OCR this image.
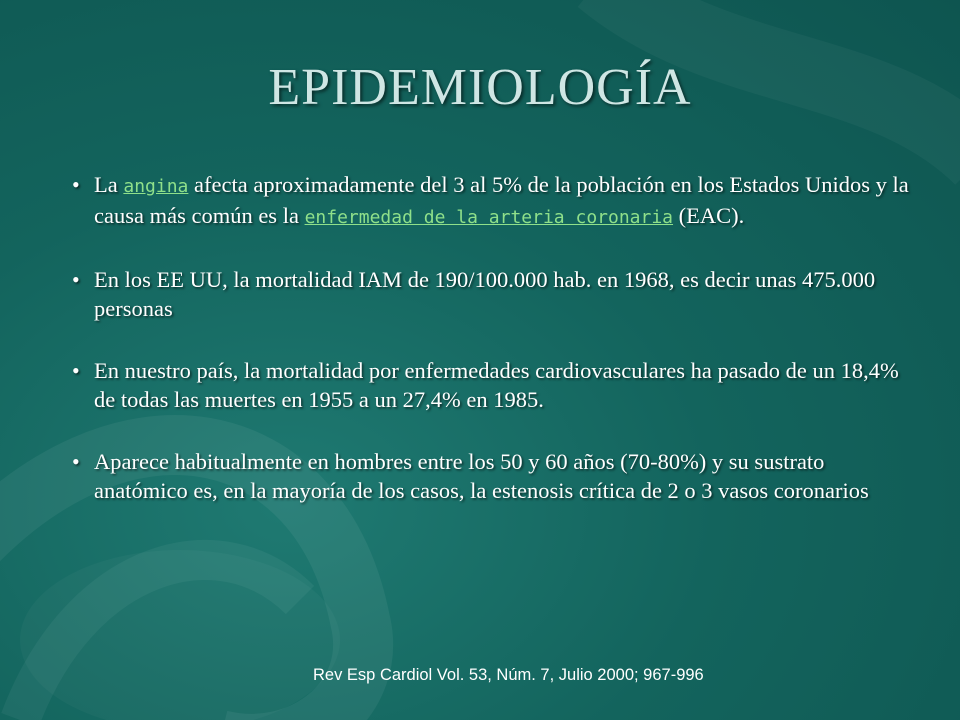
EPIDEMIOLOGÍA
• La angina afecta aproximadamente del 3 al 5% de la población en los Estados Unidos y la causa más común es la enfermedad de la arteria coronaria (EAC).
• En los EE UU, la mortalidad IAM de 190/100.000 hab. en 1968, es decir unas 475.000 personas
• En nuestro país, la mortalidad por enfermedades cardiovasculares ha pasado de un 18,4% de todas las muertes en 1955 a un 27,4% en 1985.
• Aparece habitualmente en hombres entre los 50 y 60 años (70-80%) y su sustrato anatómico es, en la mayoría de los casos, la estenosis crítica de 2 o 3 vasos coronarios
Rev Esp Cardiol Vol. 53, Núm. 7, Julio 2000; 967-996
